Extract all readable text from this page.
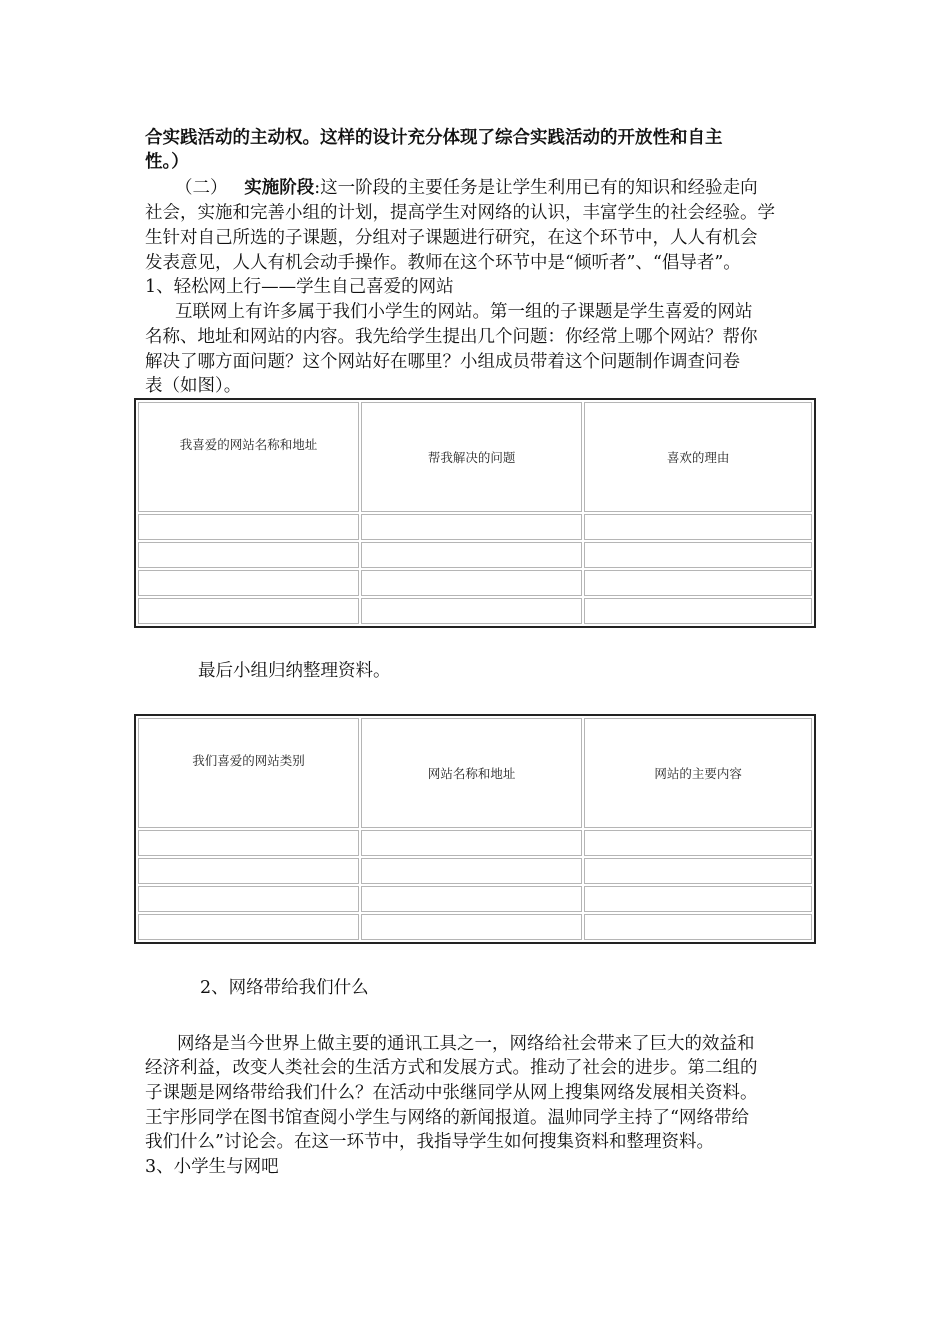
合实践活动的主动权。这样的设计充分体现了综合实践活动的开放性和自主
性。）
（二） 实施阶段:这一阶段的主要任务是让学生利用已有的知识和经验走向
社会，实施和完善小组的计划，提高学生对网络的认识，丰富学生的社会经验。学
生针对自己所选的子课题，分组对子课题进行研究，在这个环节中，人人有机会
发表意见，人人有机会动手操作。教师在这个环节中是“倾听者”、“倡导者”。
1、轻松网上行——学生自己喜爱的网站
互联网上有许多属于我们小学生的网站。第一组的子课题是学生喜爱的网站
名称、地址和网站的内容。我先给学生提出几个问题：你经常上哪个网站？帮你
解决了哪方面问题？这个网站好在哪里？小组成员带着这个问题制作调查问卷
表（如图）。
我喜爱的网站名称和地址	帮我解决的问题	喜欢的理由

最后小组归纳整理资料。
我们喜爱的网站类别	网站名称和地址	网站的主要内容

2、网络带给我们什么
网络是当今世界上做主要的通讯工具之一，网络给社会带来了巨大的效益和
经济利益，改变人类社会的生活方式和发展方式。推动了社会的进步。第二组的
子课题是网络带给我们什么？在活动中张继同学从网上搜集网络发展相关资料。
王宇彤同学在图书馆查阅小学生与网络的新闻报道。温帅同学主持了“网络带给
我们什么”讨论会。在这一环节中，我指导学生如何搜集资料和整理资料。
3、小学生与网吧
